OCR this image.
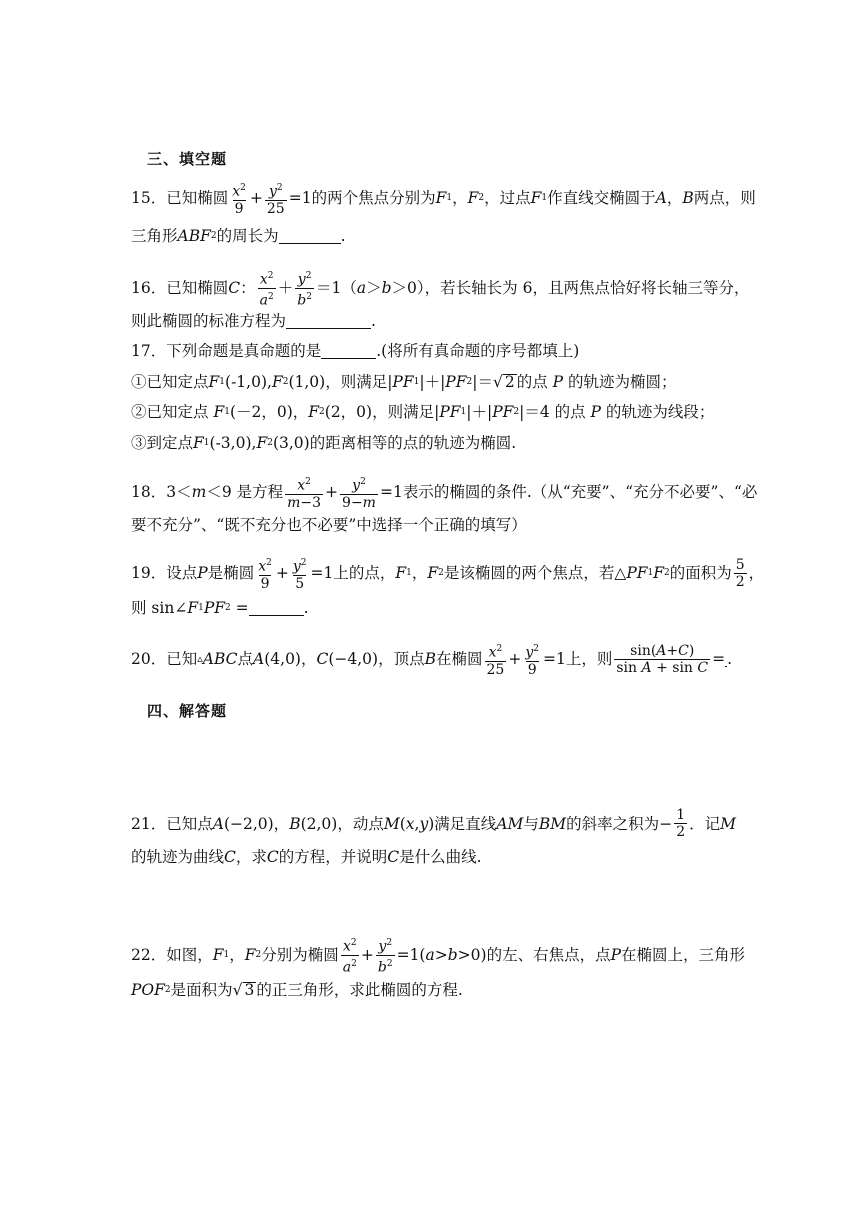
三、填空题
15． 已知椭圆 $\frac{x^2}{9} + \frac{y^2}{25} =1$ 的两个焦点分别为 F 1 ， F 2 ，过点 F 1 作直线交椭圆于 A ， B 两点，则
三角形 ABF 2 的周长为	.
16． 已知椭圆 C ： $\frac{x^2}{a^2} + \frac{y^2}{b^2} =1$ （ a ＞ b ＞0 ），若长轴长为 6，且两焦点恰好将长轴三等分，
则此椭圆的标准方程为	.
17． 下列命题是真命题的是	.(将所有真命题的序号都填上)
①已知定点 F 1 (-1,0), F 2 (1,0) ，则满足| PF 1 |＋| PF 2 |＝ √ 2 的点 P 的轨迹为椭圆；
②已知定点 F 1 (－2，0)， F 2 (2，0)，则满足| PF 1 |＋| PF 2 |＝4 的点 P 的轨迹为线段；
③到定点 F 1 (-3,0), F 2 (3,0) 的距离相等的点的轨迹为椭圆.
18． 3＜ m ＜9 是方程 $\frac{x^2}{m-3} + \frac{y^2}{9-m} =1$ 表示的椭圆的 条件.（从“充要”、“充分不必要”、“必
要不充分”、“既不充分也不必要”中选择一个正确的填写）
19． 设点 P 是椭圆 $\frac{x^2}{9} + \frac{y^2}{5} =1$ 上的点， F 1 ， F 2 是该椭圆的两个焦点，若△ PF 1 F 2 的面积为 $\frac{5}{2}$ ，
则 sin∠ F 1 PF 2 =	.
20． 已知 ▵ ABC 点 A (4,0)， C (−4,0) ，顶点 B 在椭圆 $\frac{x^2}{25} + \frac{y^2}{9} =1$ 上，则 $\frac{\sin(A+C)}{\text{sin A + sin C}}$ = .
四、解答题
21． 已知点 A (−2,0)， B (2,0) ，动点 M ( x , y ) 满足直线 AM 与 BM 的斜率之积为 − $\frac{1}{2}$ ．记 M
的轨迹为曲线 C ，求 C 的方程，并说明 C 是什么曲线.
22． 如图， F 1 ， F 2 分别为椭圆 $\frac{x^2}{a^2} + \frac{y^2}{b^2} =1$( a > b >0) 的左、右焦点，点 P 在椭圆上，三角形
POF 2 是面积为 √ 3 的正三角形，求此椭圆的方程.
